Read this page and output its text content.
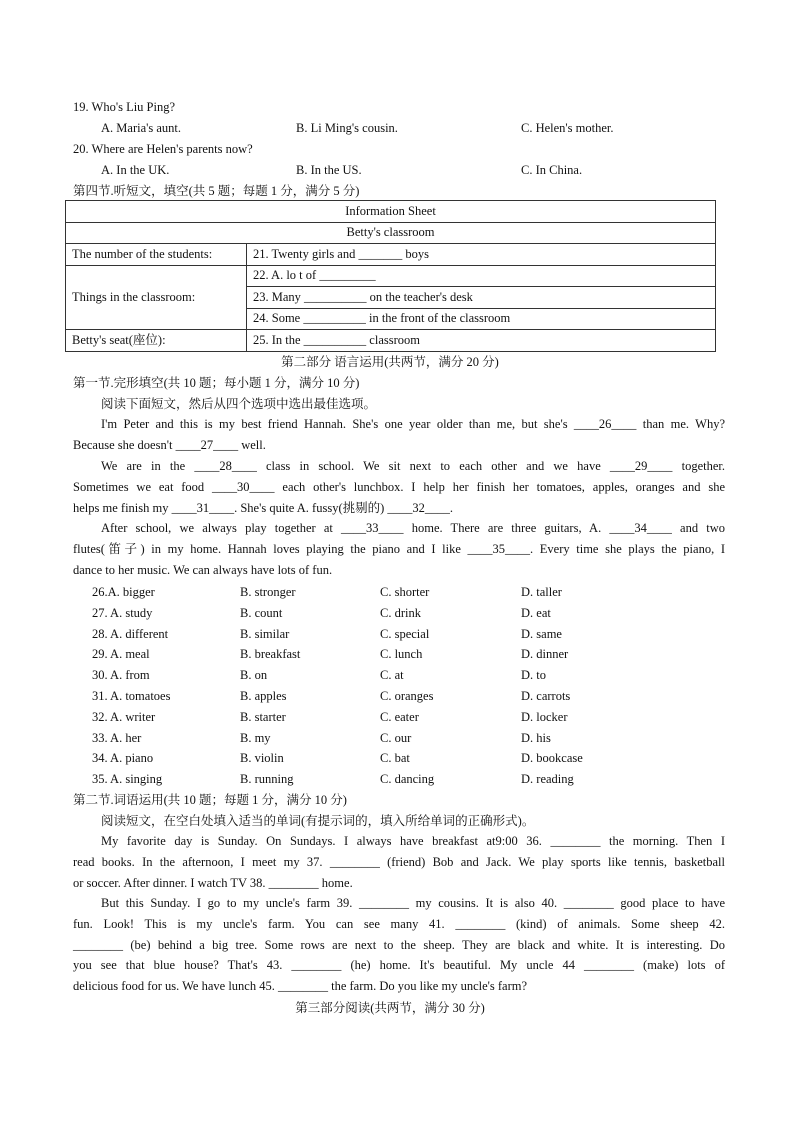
19. Who's Liu Ping?
A. Maria's aunt.	B. Li Ming's cousin.	C. Helen's mother.
20. Where are Helen's parents now?
A. In the UK.	B. In the US.	C. In China.
第四节.听短文，填空(共 5 题；每题 1 分，满分 5 分)
Information Sheet	
Betty's classroom	
The number of the students:	21. Twenty girls and _______ boys
Things in the classroom:	22. A. lo t of _________
	23. Many __________ on the teacher's desk
	24. Some __________ in the front of the classroom
Betty's seat(座位):	25. In the __________ classroom
第二部分 语言运用(共两节，满分 20 分)
第一节.完形填空(共 10 题；每小题 1 分，满分 10 分)
阅读下面短文，然后从四个选项中选出最佳选项。
I'm Peter and this is my best friend Hannah. She's one year older than me, but she's ____26____ than me. Why?
Because she doesn't ____27____ well.
We are in the ____28____ class in school. We sit next to each other and we have ____29____ together.
Sometimes we eat food ____30____ each other's lunchbox. I help her finish her tomatoes, apples, oranges and she
helps me finish my ____31____. She's quite A. fussy(挑剔的) ____32____.
After school, we always play together at ____33____ home. There are three guitars, A. ____34____ and two
flutes(笛子) in my home. Hannah loves playing the piano and I like ____35____. Every time she plays the piano, I
dance to her music. We can always have lots of fun.
26.A. bigger	B. stronger	C. shorter	D. taller
27. A. study	B. count	C. drink	D. eat
28. A. different	B. similar	C. special	D. same
29. A. meal	B. breakfast	C. lunch	D. dinner
30. A. from	B. on	C. at	D. to
31. A. tomatoes	B. apples	C. oranges	D. carrots
32. A. writer	B. starter	C. eater	D. locker
33. A. her	B. my	C. our	D. his
34. A. piano	B. violin	C. bat	D. bookcase
35. A. singing	B. running	C. dancing	D. reading
第二节.词语运用(共 10 题；每题 1 分，满分 10 分)
阅读短文，在空白处填入适当的单词(有提示词的，填入所给单词的正确形式)。
My favorite day is Sunday. On Sundays. I always have breakfast at9:00 36. ________ the morning. Then I
read books. In the afternoon, I meet my 37. ________ (friend) Bob and Jack. We play sports like tennis, basketball
or soccer. After dinner. I watch TV 38. ________ home.
But this Sunday. I go to my uncle's farm 39. ________ my cousins. It is also 40. ________ good place to have
fun. Look! This is my uncle's farm. You can see many 41. ________ (kind) of animals. Some sheep 42.
________ (be) behind a big tree. Some rows are next to the sheep. They are black and white. It is interesting. Do
you see that blue house? That's 43. ________ (he) home. It's beautiful. My uncle 44 ________ (make) lots of
delicious food for us. We have lunch 45. ________ the farm. Do you like my uncle's farm?
第三部分阅读(共两节，满分 30 分)
